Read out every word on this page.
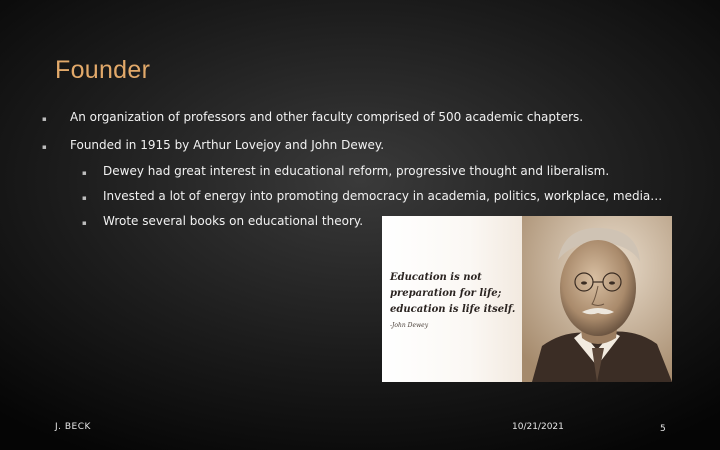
Founder
▪ An organization of professors and other faculty comprised of 500 academic chapters.
▪ Founded in 1915 by Arthur Lovejoy and John Dewey.
▪ Dewey had great interest in educational reform, progressive thought and liberalism.
▪ Invested a lot of energy into promoting democracy in academia, politics, workplace, media…
▪ Wrote several books on educational theory.
Education is not
preparation for life;
education is life itself.
-John Dewey
J. BECK	10/21/2021	5
